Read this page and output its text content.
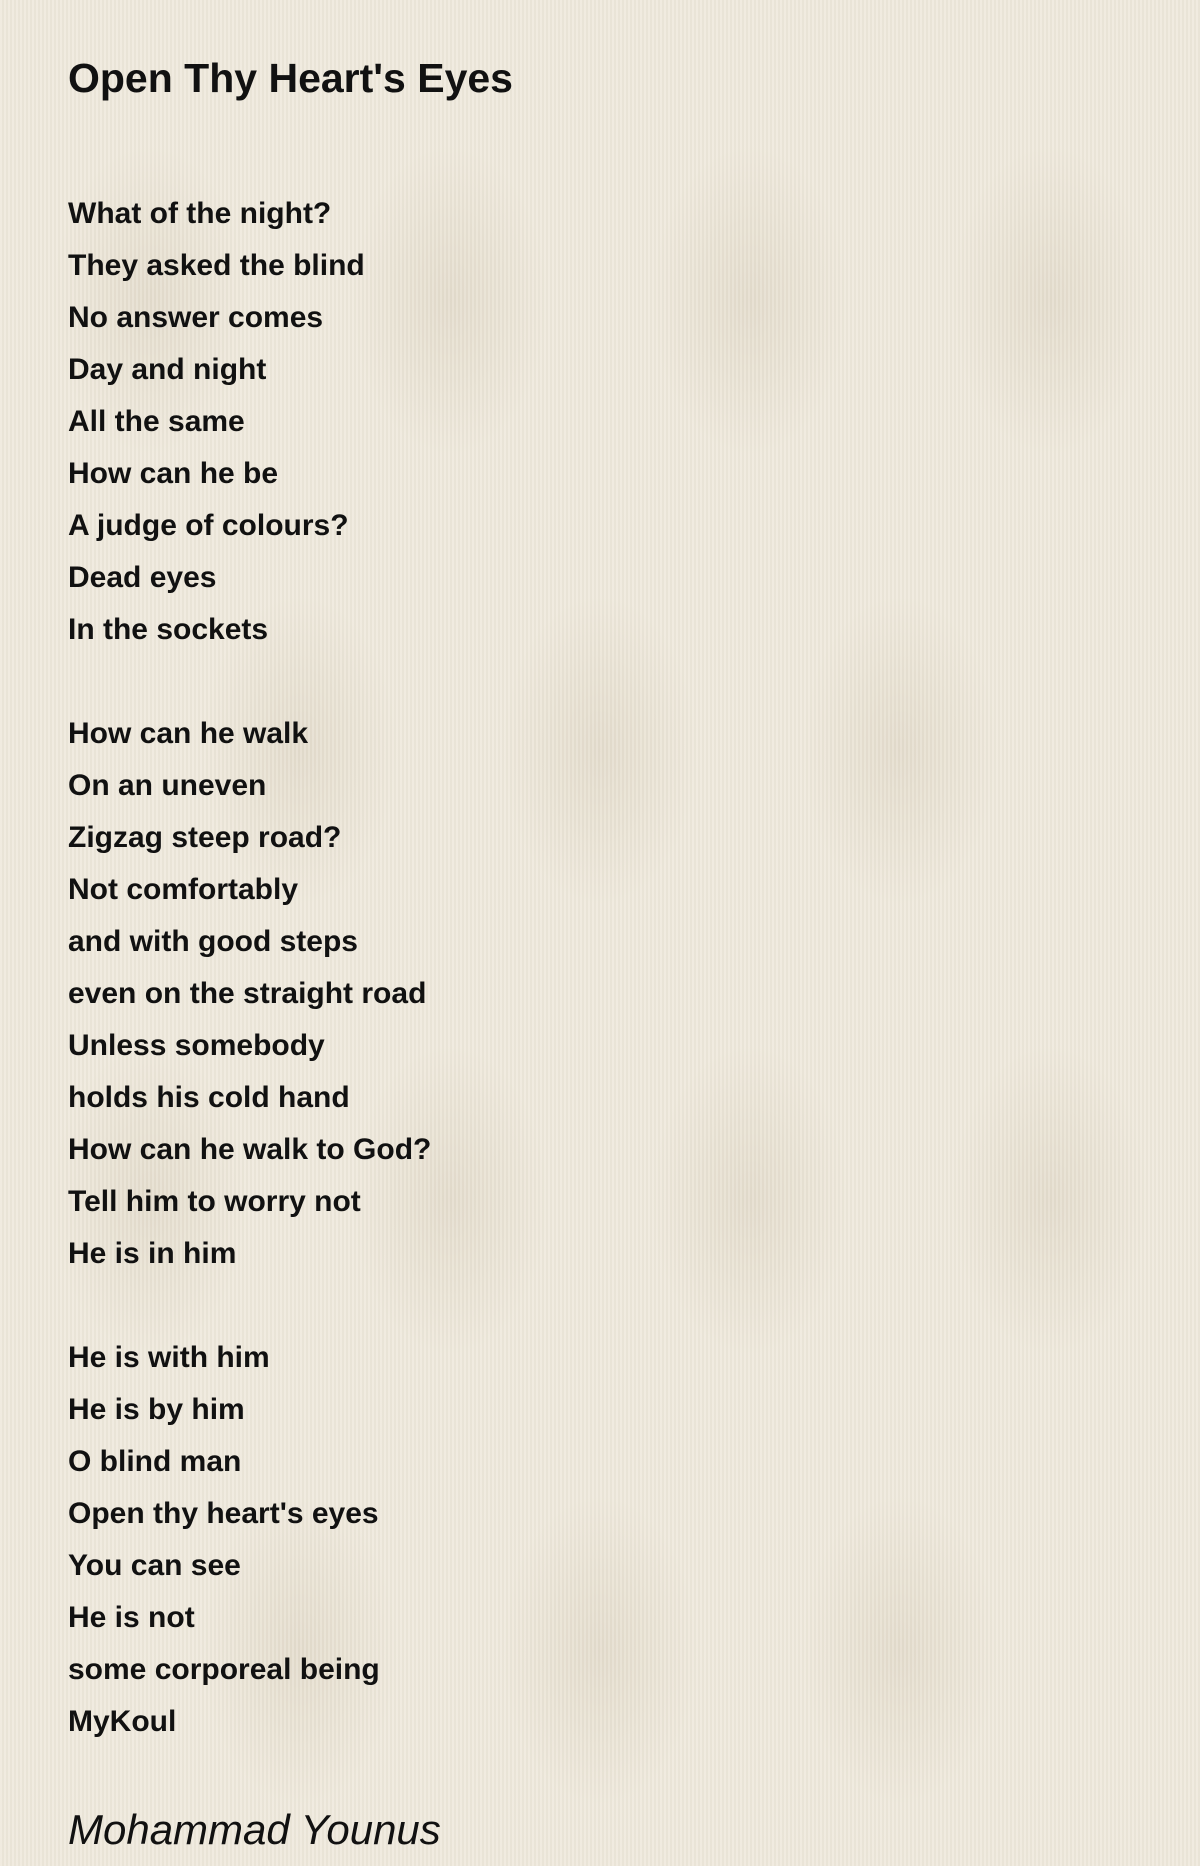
Open Thy Heart's Eyes
What of the night?
They asked the blind
No answer comes
Day and night
All the same
How can he be
A judge of colours?
Dead eyes
In the sockets
How can he walk
On an uneven
Zigzag steep road?
Not comfortably
and with good steps
even on the straight road
Unless somebody
holds his cold hand
How can he walk to God?
Tell him to worry not
He is in him
He is with him
He is by him
O blind man
Open thy heart's eyes
You can see
He is not
some corporeal being
MyKoul
Mohammad Younus
